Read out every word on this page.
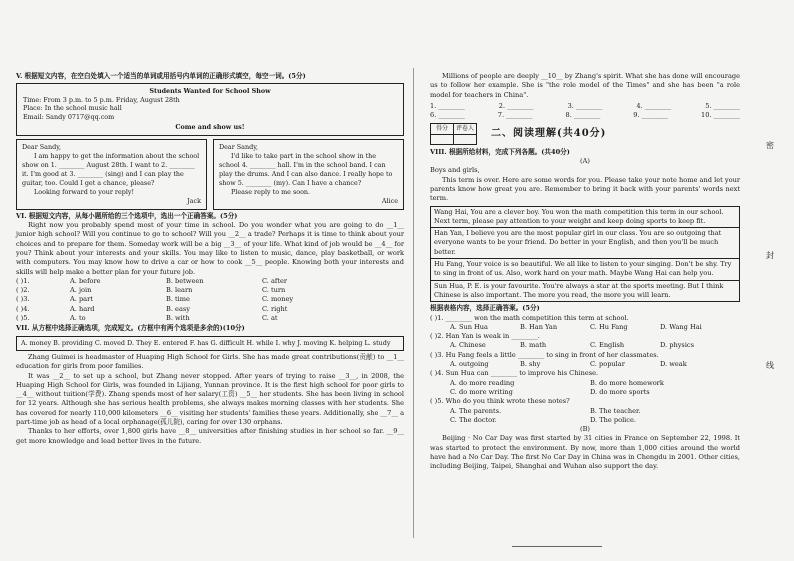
V. 根据短文内容，在空白处填入一个适当的单词或用括号内单词的正确形式填空，每空一词。(5分)

Students Wanted for School Show
Time: From 3 p.m. to 5 p.m. Friday, August 28th
Place: In the school music hall
Email: Sandy 0717@qq.com
Come and show us!
Dear Sandy,
I am happy to get the information about the school show on 1. ________ August 28th. I want to 2. ________ it. I'm good at 3. ________ (sing) and I can play the guitar, too. Could I get a chance, please?
Looking forward to your reply!
Jack
Dear Sandy,
I'd like to take part in the school show in the school 4. ________ hall. I'm in the school band. I can play the drums. And I can also dance. I really hope to show 5. ________ (my). Can I have a chance?
Please reply to me soon.
Alice

VI. 根据短文内容，从每小题所给的三个选项中，选出一个正确答案。(5分)

Right now you probably spend most of your time in school. Do you wonder what you are going to do __1__ junior high school? Will you continue to go to school? Will you __2__ a trade? Perhaps it is time to think about your choices and to prepare for them. Someday work will be a big __3__ of your life. What kind of job would be __4__ for you? Think about your interests and your skills. You may like to listen to music, dance, play basketball, or work with computers. You may know how to drive a car or how to cook __5__ people. Knowing both your interests and skills will help make a better plan for your future job.

( )1.	A. before	B. between	C. after
( )2.	A. join	B. learn	C. turn
( )3.	A. part	B. time	C. money
( )4.	A. hard	B. easy	C. right
( )5.	A. to	B. with	C. at

VII. 从方框中选择正确选项，完成短文。(方框中有两个选项是多余的)(10分)

A. money B. providing C. moved D. They E. entered F. has G. difficult H. while I. why J. moving K. helping L. study

Zhang Guimei is headmaster of Huaping High School for Girls. She has made great contributions(贡献) to __1__ education for girls from poor families.

It was __2__ to set up a school, but Zhang never stopped. After years of trying to raise __3__, in 2008, the Huaping High School for Girls, was founded in Lijiang, Yunnan province. It is the first high school for poor girls to __4__ without tuition(学费). Zhang spends most of her salary(工资) __5__ her students. She has been living in school for 12 years. Although she has serious health problems, she always makes morning classes with her students. She has covered for nearly 110,000 kilometers __6__ visiting her students' families these years. Additionally, she __7__ a part-time job as head of a local orphanage(孤儿院), caring for over 130 orphans.

Thanks to her efforts, over 1,800 girls have __8__ universities after finishing studies in her school so far. __9__ get more knowledge and lead better lives in the future.

Millions of people are deeply __10__ by Zhang's spirit. What she has done will encourage us to follow her example. She is "the role model of the Times" and she has been "a role model for teachers in China".

1. ________	2. ________	3. ________	4. ________	5. ________
6. ________	7. ________	8. ________	9. ________	10. ________
得分	评卷人
	二、阅读理解(共40分)

VIII. 根据所给材料，完成下列各题。(共40分)

(A)

Boys and girls,

This term is over. Here are some words for you. Please take your note home and let your parents know how great you are. Remember to bring it back with your parents' words next term.

Wang Hai, You are a clever boy. You won the math competition this term in our school. Next term, please pay attention to your weight and keep doing sports to keep fit.
Han Yan, I believe you are the most popular girl in our class. You are so outgoing that everyone wants to be your friend. Do better in your English, and then you'll be much better.
Hu Fang, Your voice is so beautiful. We all like to listen to your singing. Don't be shy. Try to sing in front of us. Also, work hard on your math. Maybe Wang Hai can help you.
Sun Hua, P. E. is your favourite. You're always a star at the sports meeting. But I think Chinese is also important. The more you read, the more you will learn.

根据表格内容，选择正确答案。(5分)

( )1. ________ won the math competition this term at school.
A. Sun Hua	B. Han Yan	C. Hu Fang	D. Wang Hai
( )2. Han Yan is weak in ________.
A. Chinese	B. math	C. English	D. physics
( )3. Hu Fang feels a little ________ to sing in front of her classmates.
A. outgoing	B. shy	C. popular	D. weak
( )4. Sun Hua can ________ to improve his Chinese.
A. do more reading	B. do more homework
C. do more writing	D. do more sports
( )5. Who do you think wrote these notes?
A. The parents.	B. The teacher.
C. The doctor.	D. The police.
(B)

Beijing · No Car Day was first started by 31 cities in France on September 22, 1998. It was started to protect the environment. By now, more than 1,000 cities around the world have had a No Car Day. The first No Car Day in China was in Chengdu in 2001. Other cities, including Beijing, Taipei, Shanghai and Wuhan also support the day.

密
封
线
